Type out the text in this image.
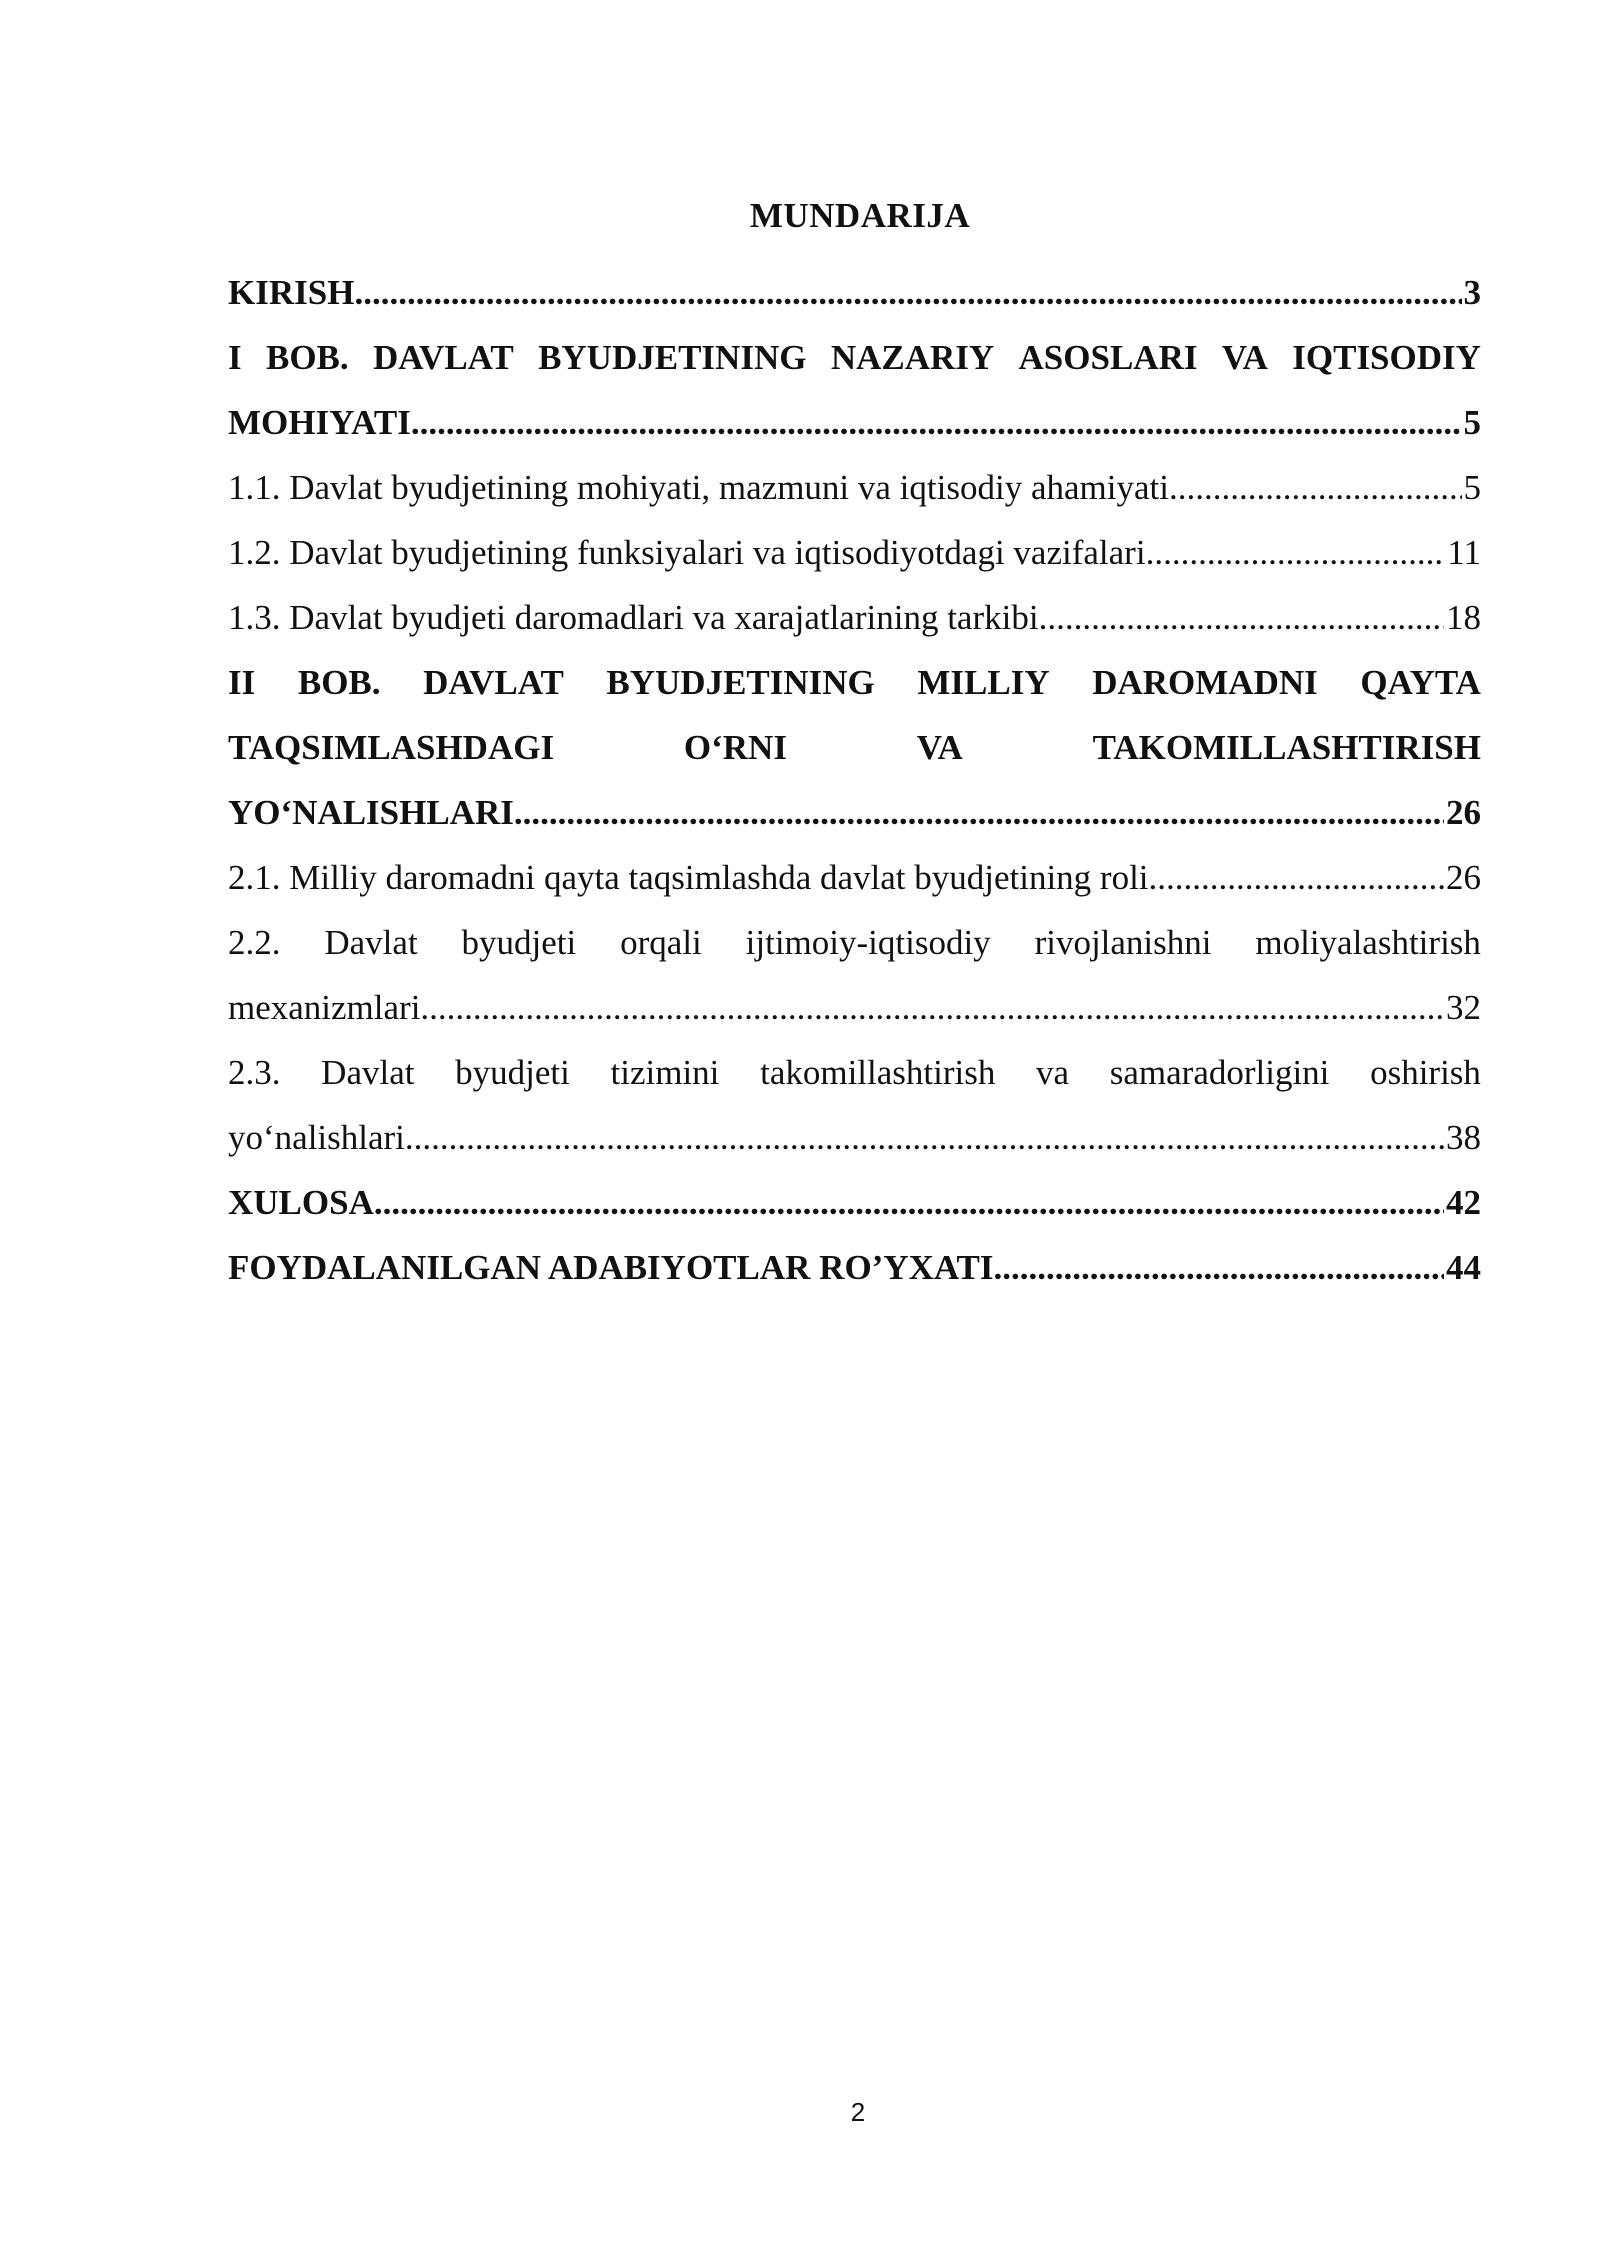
MUNDARIJA
KIRISH .....	3
I BOB. DAVLAT BYUDJETINING NAZARIY ASOSLARI VA IQTISODIY
MOHIYATI .....	5
1.1. Davlat byudjetining mohiyati, mazmuni va iqtisodiy ahamiyati .....	5
1.2. Davlat byudjetining funksiyalari va iqtisodiyotdagi vazifalari .....	11
1.3. Davlat byudjeti daromadlari va xarajatlarining tarkibi .....	18
II BOB. DAVLAT BYUDJETINING MILLIY DAROMADNI QAYTA
TAQSIMLASHDAGI	O‘RNI	VA	TAKOMILLASHTIRISH
YO‘NALISHLARI .....	26
2.1. Milliy daromadni qayta taqsimlashda davlat byudjetining roli .....	26
2.2. Davlat byudjeti orqali ijtimoiy-iqtisodiy rivojlanishni moliyalashtirish
mexanizmlari .....	32
2.3. Davlat byudjeti tizimini takomillashtirish va samaradorligini oshirish
yo‘nalishlari .....	38
XULOSA .....	42
FOYDALANILGAN ADABIYOTLAR RO’YXATI .....	44
2
